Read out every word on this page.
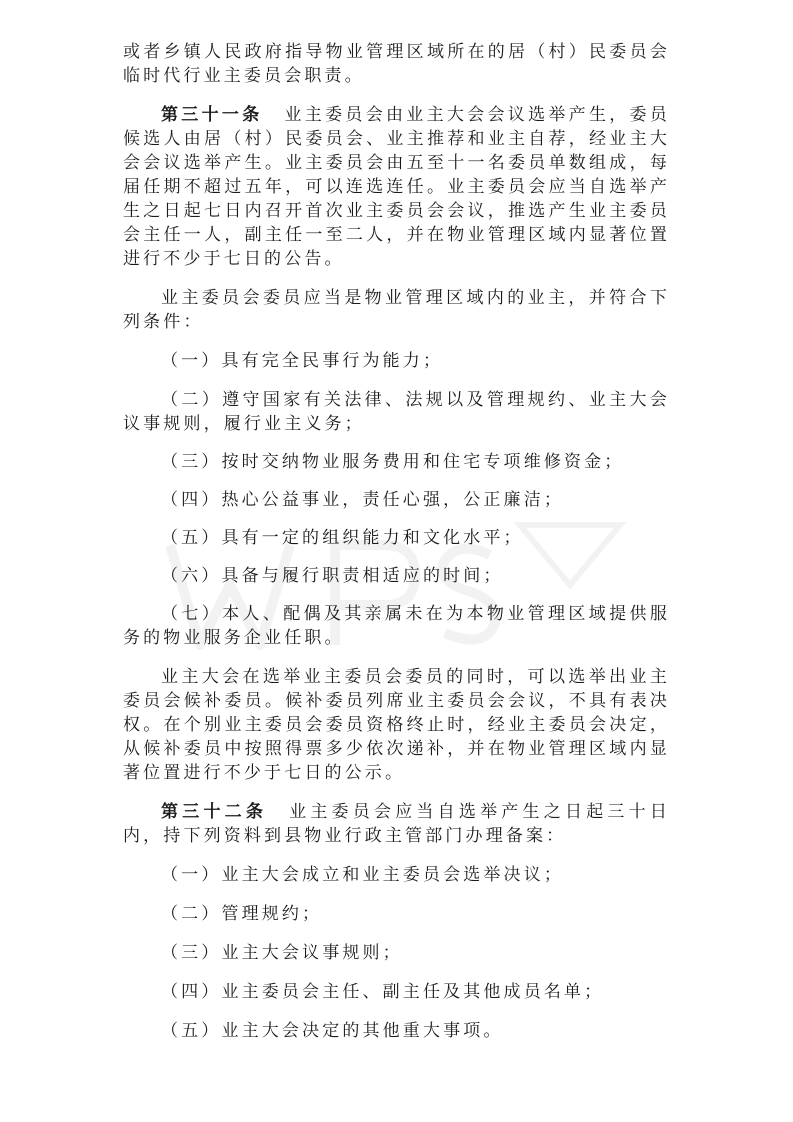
或者乡镇人民政府指导物业管理区域所在的居（村）民委员会临时代行业主委员会职责。

第三十一条 业主委员会由业主大会会议选举产生，委员候选人由居（村）民委员会、业主推荐和业主自荐，经业主大会会议选举产生。业主委员会由五至十一名委员单数组成，每届任期不超过五年，可以连选连任。业主委员会应当自选举产生之日起七日内召开首次业主委员会会议，推选产生业主委员会主任一人，副主任一至二人，并在物业管理区域内显著位置进行不少于七日的公告。

业主委员会委员应当是物业管理区域内的业主，并符合下列条件：

（一）具有完全民事行为能力；

（二）遵守国家有关法律、法规以及管理规约、业主大会议事规则，履行业主义务；

（三）按时交纳物业服务费用和住宅专项维修资金；

（四）热心公益事业，责任心强，公正廉洁；

（五）具有一定的组织能力和文化水平；

（六）具备与履行职责相适应的时间；

（七）本人、配偶及其亲属未在为本物业管理区域提供服务的物业服务企业任职。

业主大会在选举业主委员会委员的同时，可以选举出业主委员会候补委员。候补委员列席业主委员会会议，不具有表决权。在个别业主委员会委员资格终止时，经业主委员会决定，从候补委员中按照得票多少依次递补，并在物业管理区域内显著位置进行不少于七日的公示。

第三十二条 业主委员会应当自选举产生之日起三十日内，持下列资料到县物业行政主管部门办理备案：

（一）业主大会成立和业主委员会选举决议；

（二）管理规约；

（三）业主大会议事规则；

（四）业主委员会主任、副主任及其他成员名单；

（五）业主大会决定的其他重大事项。
